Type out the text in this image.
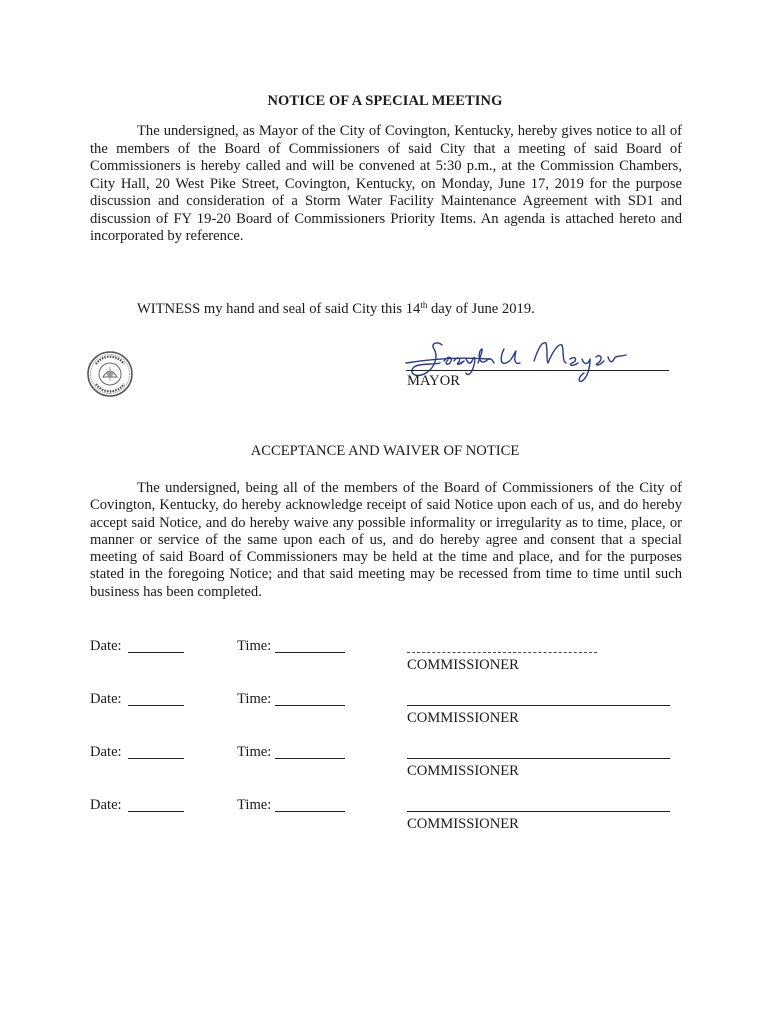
NOTICE OF A SPECIAL MEETING
The undersigned, as Mayor of the City of Covington, Kentucky, hereby gives notice to all of the members of the Board of Commissioners of said City that a meeting of said Board of Commissioners is hereby called and will be convened at 5:30 p.m., at the Commission Chambers, City Hall, 20 West Pike Street, Covington, Kentucky, on Monday, June 17, 2019 for the purpose discussion and consideration of a Storm Water Facility Maintenance Agreement with SD1 and discussion of FY 19-20 Board of Commissioners Priority Items. An agenda is attached hereto and incorporated by reference.
WITNESS my hand and seal of said City this 14th day of June 2019.
Joseph U Meyer MAYOR
ACCEPTANCE AND WAIVER OF NOTICE
The undersigned, being all of the members of the Board of Commissioners of the City of Covington, Kentucky, do hereby acknowledge receipt of said Notice upon each of us, and do hereby accept said Notice, and do hereby waive any possible informality or irregularity as to time, place, or manner or service of the same upon each of us, and do hereby agree and consent that a special meeting of said Board of Commissioners may be held at the time and place, and for the purposes stated in the foregoing Notice; and that said meeting may be recessed from time to time until such business has been completed.
Date:	Time:
COMMISSIONER
Date:	Time:
COMMISSIONER
Date:	Time:
COMMISSIONER
Date:	Time:
COMMISSIONER
